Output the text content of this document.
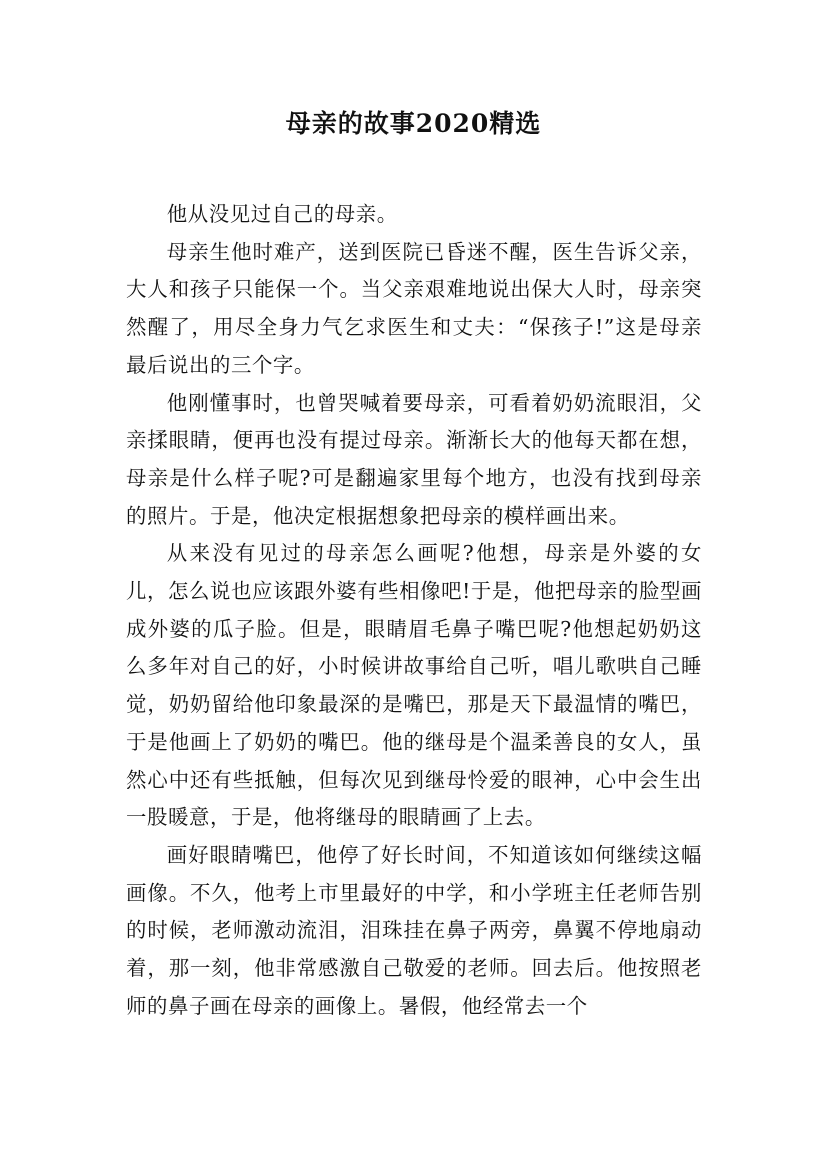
母亲的故事2020精选

他从没见过自己的母亲。

母亲生他时难产，送到医院已昏迷不醒，医生告诉父亲，大人和孩子只能保一个。当父亲艰难地说出保大人时，母亲突然醒了，用尽全身力气乞求医生和丈夫：“保孩子!”这是母亲最后说出的三个字。

他刚懂事时，也曾哭喊着要母亲，可看着奶奶流眼泪，父亲揉眼睛，便再也没有提过母亲。渐渐长大的他每天都在想，母亲是什么样子呢?可是翻遍家里每个地方，也没有找到母亲的照片。于是，他决定根据想象把母亲的模样画出来。

从来没有见过的母亲怎么画呢?他想，母亲是外婆的女儿，怎么说也应该跟外婆有些相像吧!于是，他把母亲的脸型画成外婆的瓜子脸。但是，眼睛眉毛鼻子嘴巴呢?他想起奶奶这么多年对自己的好，小时候讲故事给自己听，唱儿歌哄自己睡觉，奶奶留给他印象最深的是嘴巴，那是天下最温情的嘴巴，于是他画上了奶奶的嘴巴。他的继母是个温柔善良的女人，虽然心中还有些抵触，但每次见到继母怜爱的眼神，心中会生出一股暖意，于是，他将继母的眼睛画了上去。

画好眼睛嘴巴，他停了好长时间，不知道该如何继续这幅画像。不久，他考上市里最好的中学，和小学班主任老师告别的时候，老师激动流泪，泪珠挂在鼻子两旁，鼻翼不停地扇动着，那一刻，他非常感激自己敬爱的老师。回去后。他按照老师的鼻子画在母亲的画像上。暑假，他经常去一个
